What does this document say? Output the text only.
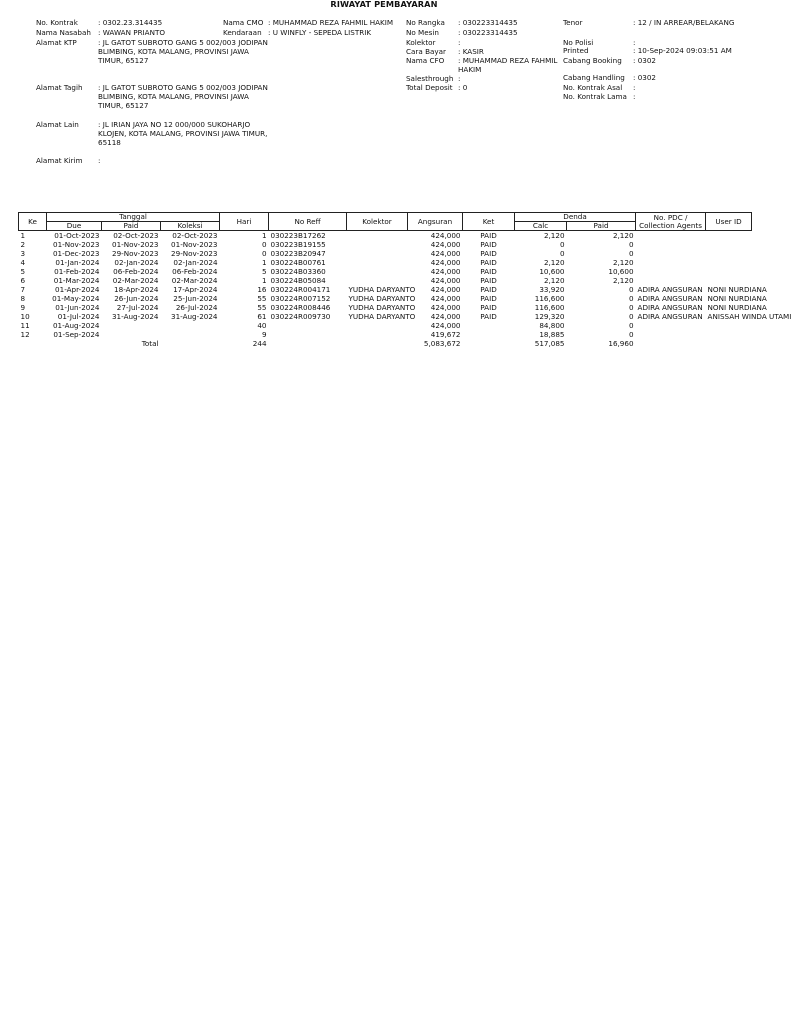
RIWAYAT PEMBAYARAN
No. Kontrak	: 0302.23.314435
Nama Nasabah : WAWAN PRIANTO
Alamat KTP	: JL GATOT SUBROTO GANG 5 002/003 JODIPAN BLIMBING, KOTA MALANG, PROVINSI JAWA TIMUR, 65127
Alamat Tagih : JL GATOT SUBROTO GANG 5 002/003 JODIPAN BLIMBING, KOTA MALANG, PROVINSI JAWA TIMUR, 65127
Alamat Lain	: JL IRIAN JAYA NO 12 000/000 SUKOHARJO KLOJEN, KOTA MALANG, PROVINSI JAWA TIMUR, 65118
Alamat Kirim :
Nama CMO : MUHAMMAD REZA FAHMIL HAKIM
Kendaraan : U WINFLY - SEPEDA LISTRIK
No Rangka : 030223314435
No Mesin	: 030223314435
Kolektor	:
Cara Bayar : KASIR
Nama CFO : MUHAMMAD REZA FAHMIL HAKIM
Salesthrough :
Total Deposit : 0
Tenor	: 12 / IN ARREAR/BELAKANG
No Polisi	:
Printed	: 10-Sep-2024 09:03:51 AM
Cabang Booking : 0302
Cabang Handling : 0302
No. Kontrak Asal :
No. Kontrak Lama :
Ke	Tanggal			Hari	No Reff	Kolektor	Angsuran	Ket	Denda		No. PDC / Collection Agents	User ID
	Due	Paid	Koleksi						Calc	Paid		
1	01-Oct-2023	02-Oct-2023	02-Oct-2023	1	030223B17262		424,000	PAID	2,120	2,120		
2	01-Nov-2023	01-Nov-2023	01-Nov-2023	0	030223B19155		424,000	PAID	0	0		
3	01-Dec-2023	29-Nov-2023	29-Nov-2023	0	030223B20947		424,000	PAID	0	0		
4	01-Jan-2024	02-Jan-2024	02-Jan-2024	1	030224B00761		424,000	PAID	2,120	2,120		
5	01-Feb-2024	06-Feb-2024	06-Feb-2024	5	030224B03360		424,000	PAID	10,600	10,600		
6	01-Mar-2024	02-Mar-2024	02-Mar-2024	1	030224B05084		424,000	PAID	2,120	2,120		
7	01-Apr-2024	18-Apr-2024	17-Apr-2024	16	030224R004171	YUDHA DARYANTO	424,000	PAID	33,920	0	ADIRA ANGSURAN	NONI NURDIANA
8	01-May-2024	26-Jun-2024	25-Jun-2024	55	030224R007152	YUDHA DARYANTO	424,000	PAID	116,600	0	ADIRA ANGSURAN	NONI NURDIANA
9	01-Jun-2024	27-Jul-2024	26-Jul-2024	55	030224R008446	YUDHA DARYANTO	424,000	PAID	116,600	0	ADIRA ANGSURAN	NONI NURDIANA
10	01-Jul-2024	31-Aug-2024	31-Aug-2024	61	030224R009730	YUDHA DARYANTO	424,000	PAID	129,320	0	ADIRA ANGSURAN	ANISSAH WINDA UTAMI
11	01-Aug-2024			40			424,000		84,800	0		
12	01-Sep-2024			9			419,672		18,885	0		
		Total		244			5,083,672		517,085	16,960		
